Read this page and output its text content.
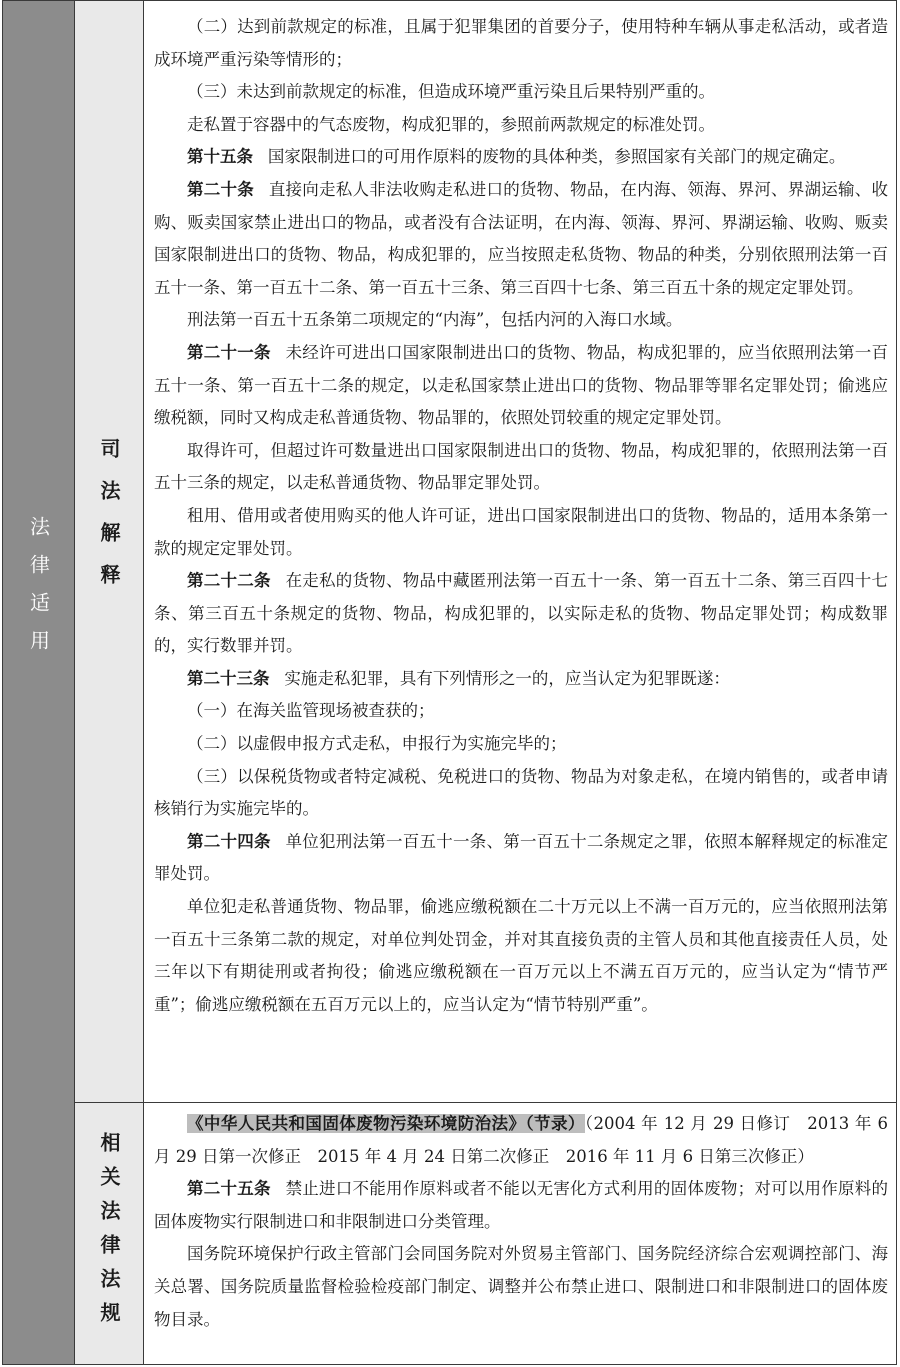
法律适用 司法解释
相关法律法规

（二）达到前款规定的标准，且属于犯罪集团的首要分子，使用特种车辆从事走私活动，或者造成环境严重污染等情形的；

（三）未达到前款规定的标准，但造成环境严重污染且后果特别严重的。

走私置于容器中的气态废物，构成犯罪的，参照前两款规定的标准处罚。

第十五条 国家限制进口的可用作原料的废物的具体种类，参照国家有关部门的规定确定。

第二十条 直接向走私人非法收购走私进口的货物、物品，在内海、领海、界河、界湖运输、收购、贩卖国家禁止进出口的物品，或者没有合法证明，在内海、领海、界河、界湖运输、收购、贩卖国家限制进出口的货物、物品，构成犯罪的，应当按照走私货物、物品的种类，分别依照刑法第一百五十一条、第一百五十二条、第一百五十三条、第三百四十七条、第三百五十条的规定定罪处罚。

刑法第一百五十五条第二项规定的“内海”，包括内河的入海口水域。

第二十一条 未经许可进出口国家限制进出口的货物、物品，构成犯罪的，应当依照刑法第一百五十一条、第一百五十二条的规定，以走私国家禁止进出口的货物、物品罪等罪名定罪处罚；偷逃应缴税额，同时又构成走私普通货物、物品罪的，依照处罚较重的规定定罪处罚。

取得许可，但超过许可数量进出口国家限制进出口的货物、物品，构成犯罪的，依照刑法第一百五十三条的规定，以走私普通货物、物品罪定罪处罚。

租用、借用或者使用购买的他人许可证，进出口国家限制进出口的货物、物品的，适用本条第一款的规定定罪处罚。

第二十二条 在走私的货物、物品中藏匿刑法第一百五十一条、第一百五十二条、第三百四十七条、第三百五十条规定的货物、物品，构成犯罪的，以实际走私的货物、物品定罪处罚；构成数罪的，实行数罪并罚。

第二十三条 实施走私犯罪，具有下列情形之一的，应当认定为犯罪既遂：

（一）在海关监管现场被查获的；

（二）以虚假申报方式走私，申报行为实施完毕的；

（三）以保税货物或者特定减税、免税进口的货物、物品为对象走私，在境内销售的，或者申请核销行为实施完毕的。

第二十四条 单位犯刑法第一百五十一条、第一百五十二条规定之罪，依照本解释规定的标准定罪处罚。

单位犯走私普通货物、物品罪，偷逃应缴税额在二十万元以上不满一百万元的，应当依照刑法第一百五十三条第二款的规定，对单位判处罚金，并对其直接负责的主管人员和其他直接责任人员，处三年以下有期徒刑或者拘役；偷逃应缴税额在一百万元以上不满五百万元的，应当认定为“情节严重”；偷逃应缴税额在五百万元以上的，应当认定为“情节特别严重”。

《中华人民共和国固体废物污染环境防治法》（节录）（2004 年 12 月 29 日修订　2013 年 6 月 29 日第一次修正　2015 年 4 月 24 日第二次修正　2016 年 11 月 6 日第三次修正）

第二十五条 禁止进口不能用作原料或者不能以无害化方式利用的固体废物；对可以用作原料的固体废物实行限制进口和非限制进口分类管理。

国务院环境保护行政主管部门会同国务院对外贸易主管部门、国务院经济综合宏观调控部门、海关总署、国务院质量监督检验检疫部门制定、调整并公布禁止进口、限制进口和非限制进口的固体废物目录。
